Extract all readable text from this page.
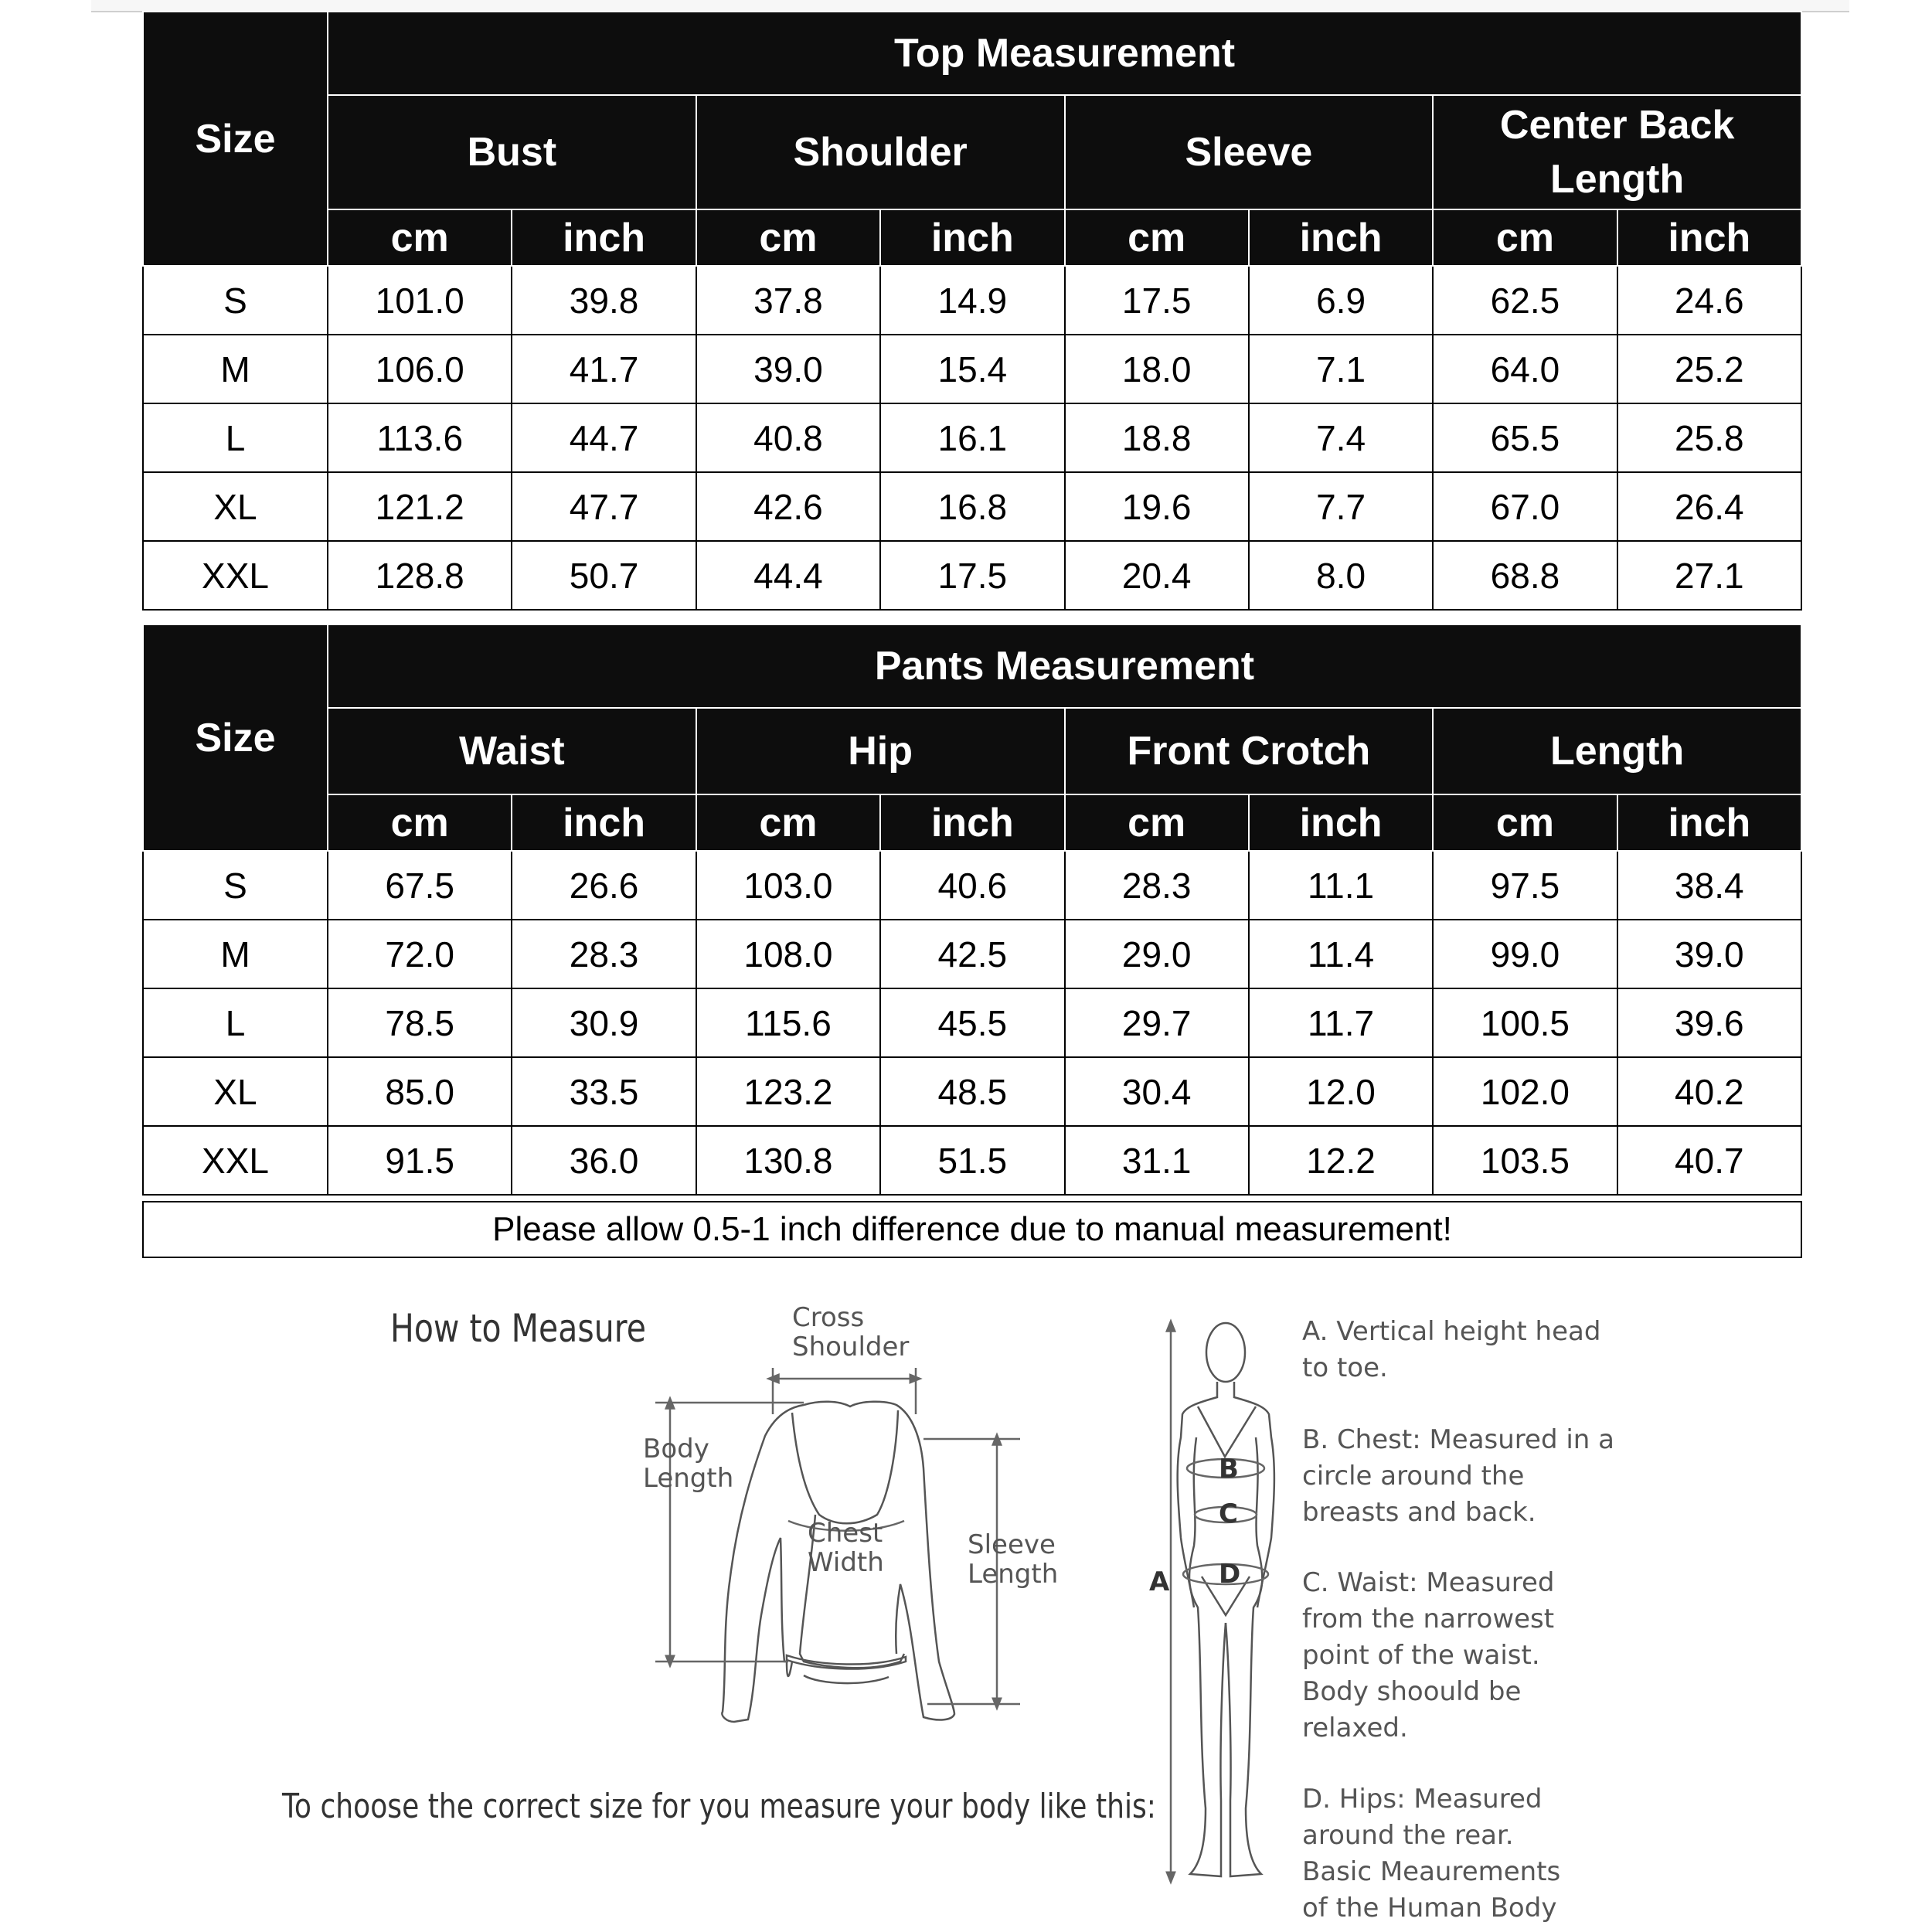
Size	Top Measurement							
	Bust		Shoulder		Sleeve		Center Back Length	
	cm	inch	cm	inch	cm	inch	cm	inch
S	101.0	39.8	37.8	14.9	17.5	6.9	62.5	24.6
M	106.0	41.7	39.0	15.4	18.0	7.1	64.0	25.2
L	113.6	44.7	40.8	16.1	18.8	7.4	65.5	25.8
XL	121.2	47.7	42.6	16.8	19.6	7.7	67.0	26.4
XXL	128.8	50.7	44.4	17.5	20.4	8.0	68.8	27.1
Size	Pants Measurement							
	Waist		Hip		Front Crotch		Length	
	cm	inch	cm	inch	cm	inch	cm	inch
S	67.5	26.6	103.0	40.6	28.3	11.1	97.5	38.4
M	72.0	28.3	108.0	42.5	29.0	11.4	99.0	39.0
L	78.5	30.9	115.6	45.5	29.7	11.7	100.5	39.6
XL	85.0	33.5	123.2	48.5	30.4	12.0	102.0	40.2
XXL	91.5	36.0	130.8	51.5	31.1	12.2	103.5	40.7
Please allow 0.5-1 inch difference due to manual measurement!
How to Measure
To choose the correct size for you measure your body like this:
Cross
Shoulder
Body
Length
Chest
Width
Sleeve
Length	A
B
C
D
A. Vertical height head
to toe.
B. Chest: Measured in a
circle around the
breasts and back.
C. Waist: Measured
from the narrowest
point of the waist.
Body shoould be
relaxed.
D. Hips: Measured
around the rear.
Basic Meaurements
of the Human Body
